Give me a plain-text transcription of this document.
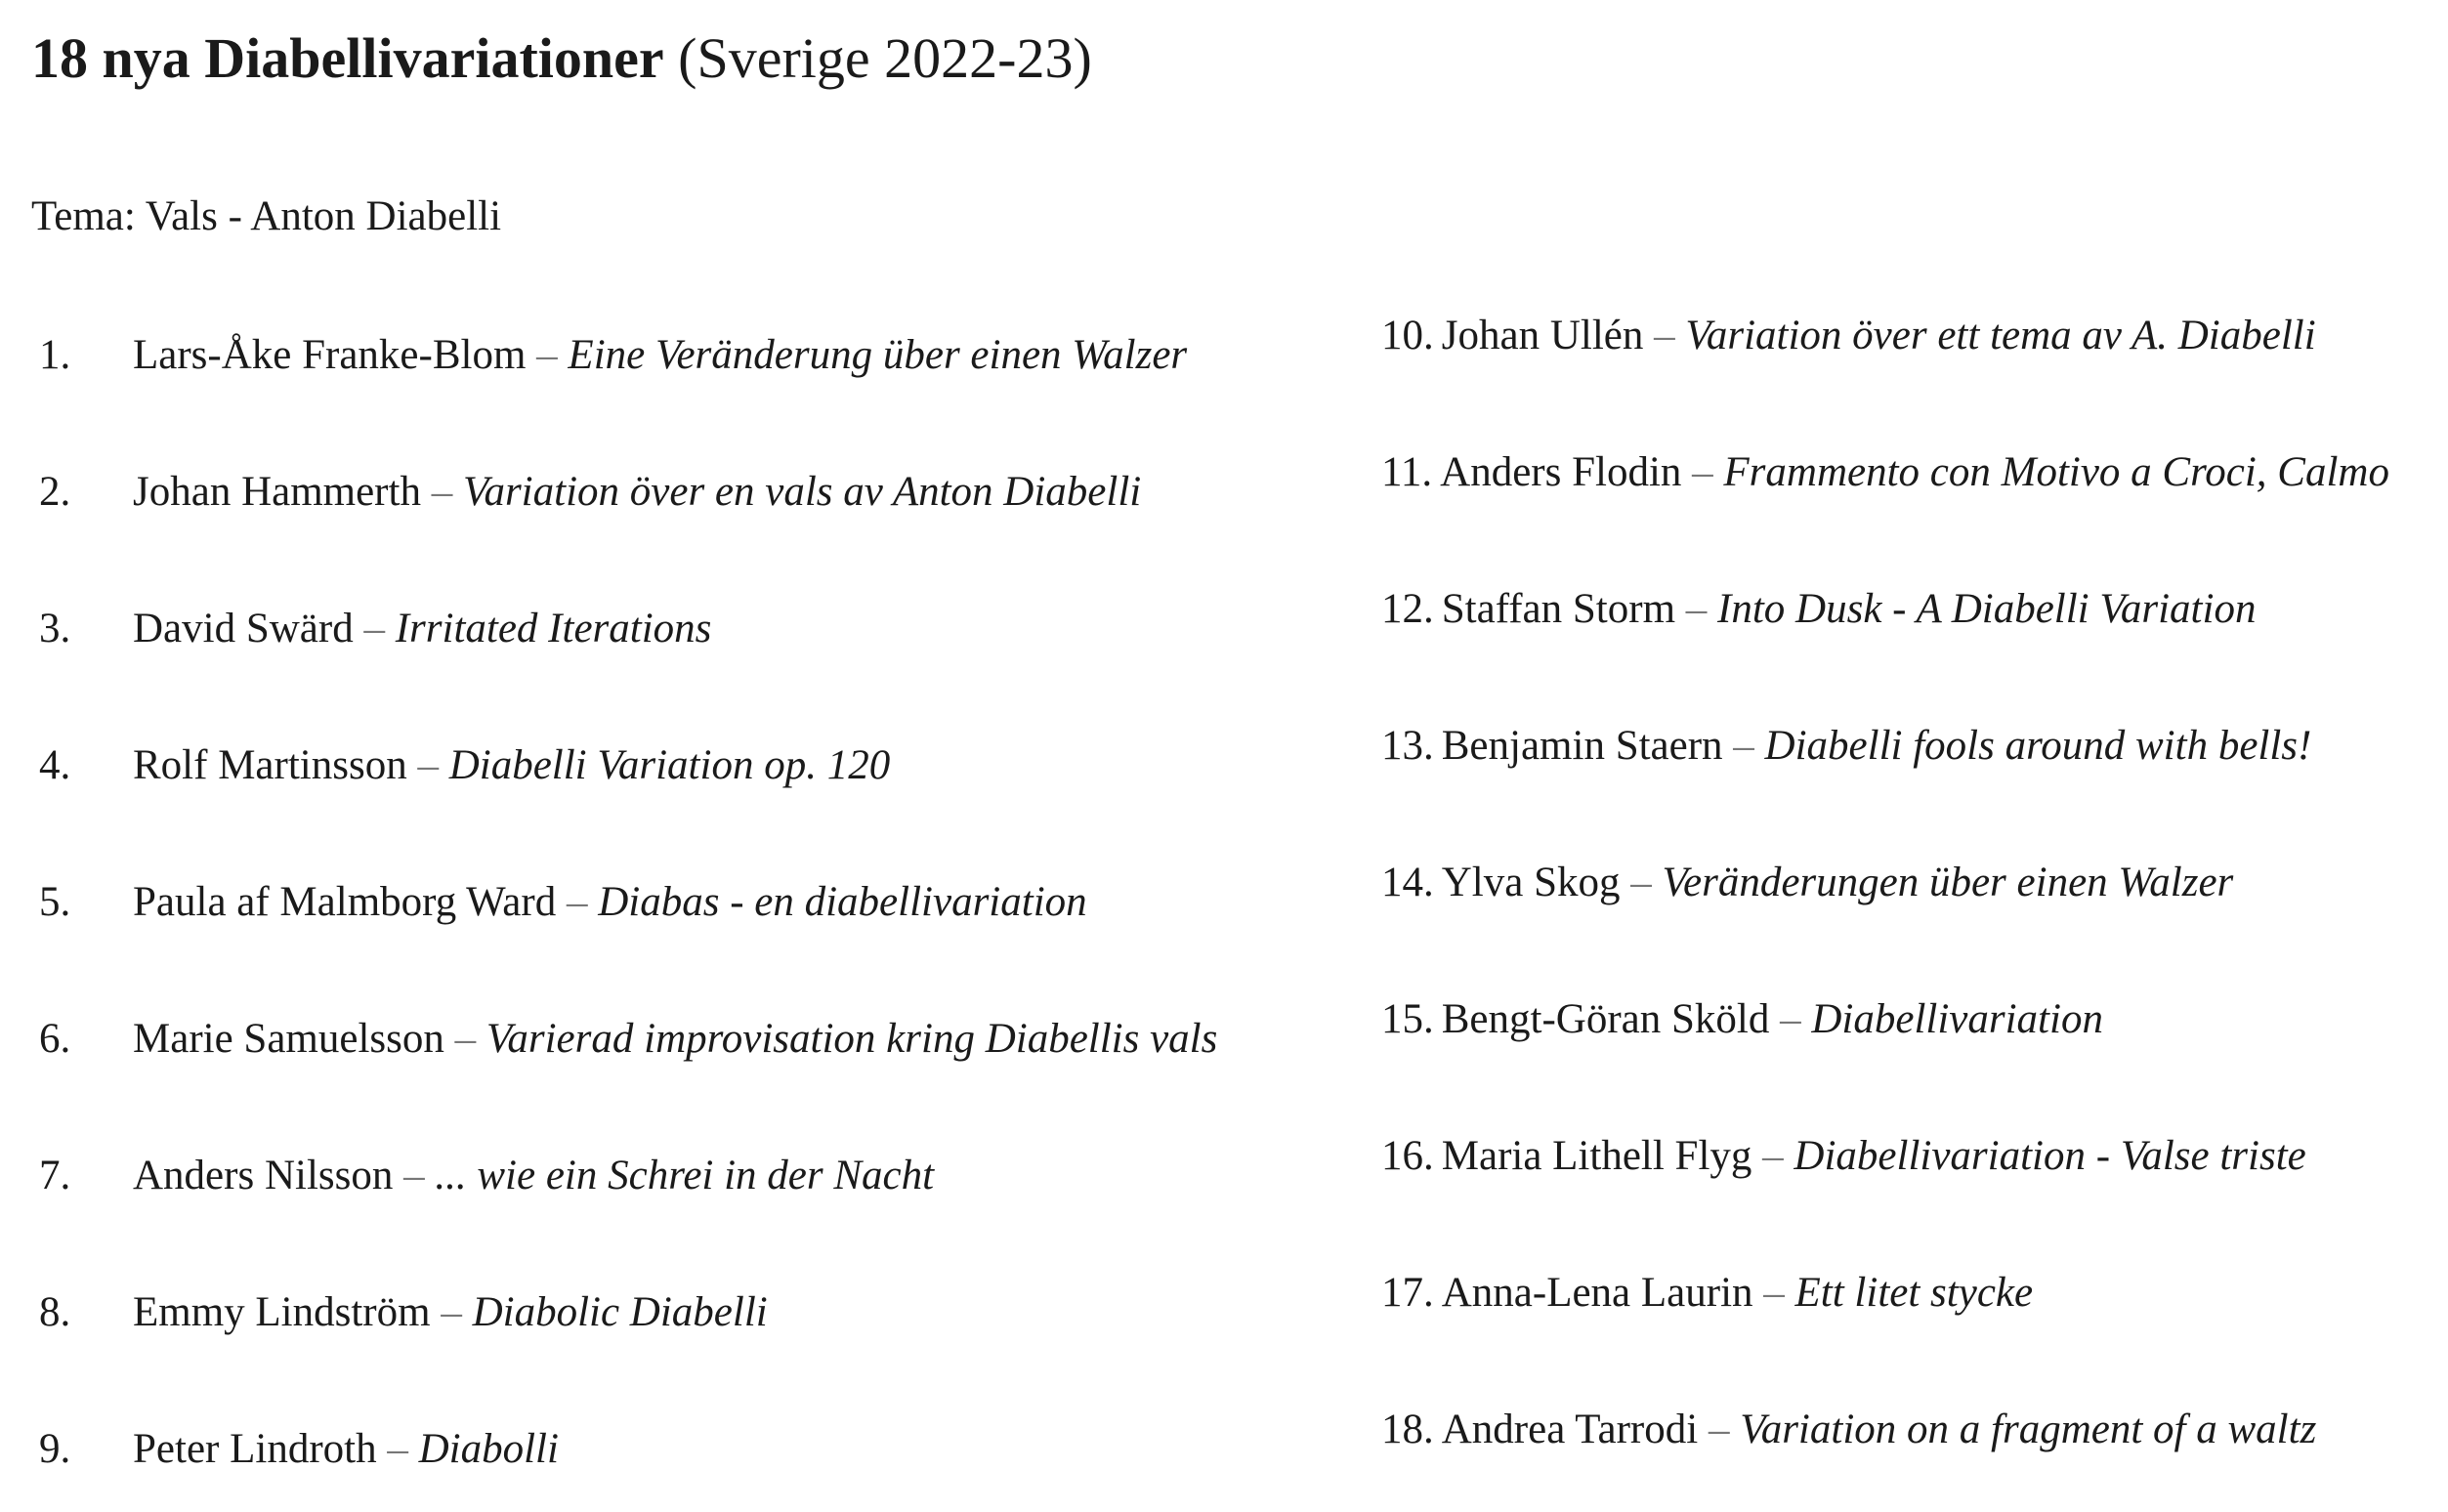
18 nya Diabellivariationer (Sverige 2022-23)
Tema: Vals - Anton Diabelli
1. Lars-Åke Franke-Blom – Eine Veränderung über einen Walzer
2. Johan Hammerth – Variation över en vals av Anton Diabelli
3. David Swärd – Irritated Iterations
4. Rolf Martinsson – Diabelli Variation op. 120
5. Paula af Malmborg Ward – Diabas - en diabellivariation
6. Marie Samuelsson – Varierad improvisation kring Diabellis vals
7. Anders Nilsson – ... wie ein Schrei in der Nacht
8. Emmy Lindström – Diabolic Diabelli
9. Peter Lindroth – Diabolli
10. Johan Ullén – Variation över ett tema av A. Diabelli
11. Anders Flodin – Frammento con Motivo a Croci, Calmo
12. Staffan Storm – Into Dusk - A Diabelli Variation
13. Benjamin Staern – Diabelli fools around with bells!
14. Ylva Skog – Veränderungen über einen Walzer
15. Bengt-Göran Sköld – Diabellivariation
16. Maria Lithell Flyg – Diabellivariation - Valse triste
17. Anna-Lena Laurin – Ett litet stycke
18. Andrea Tarrodi – Variation on a fragment of a waltz
